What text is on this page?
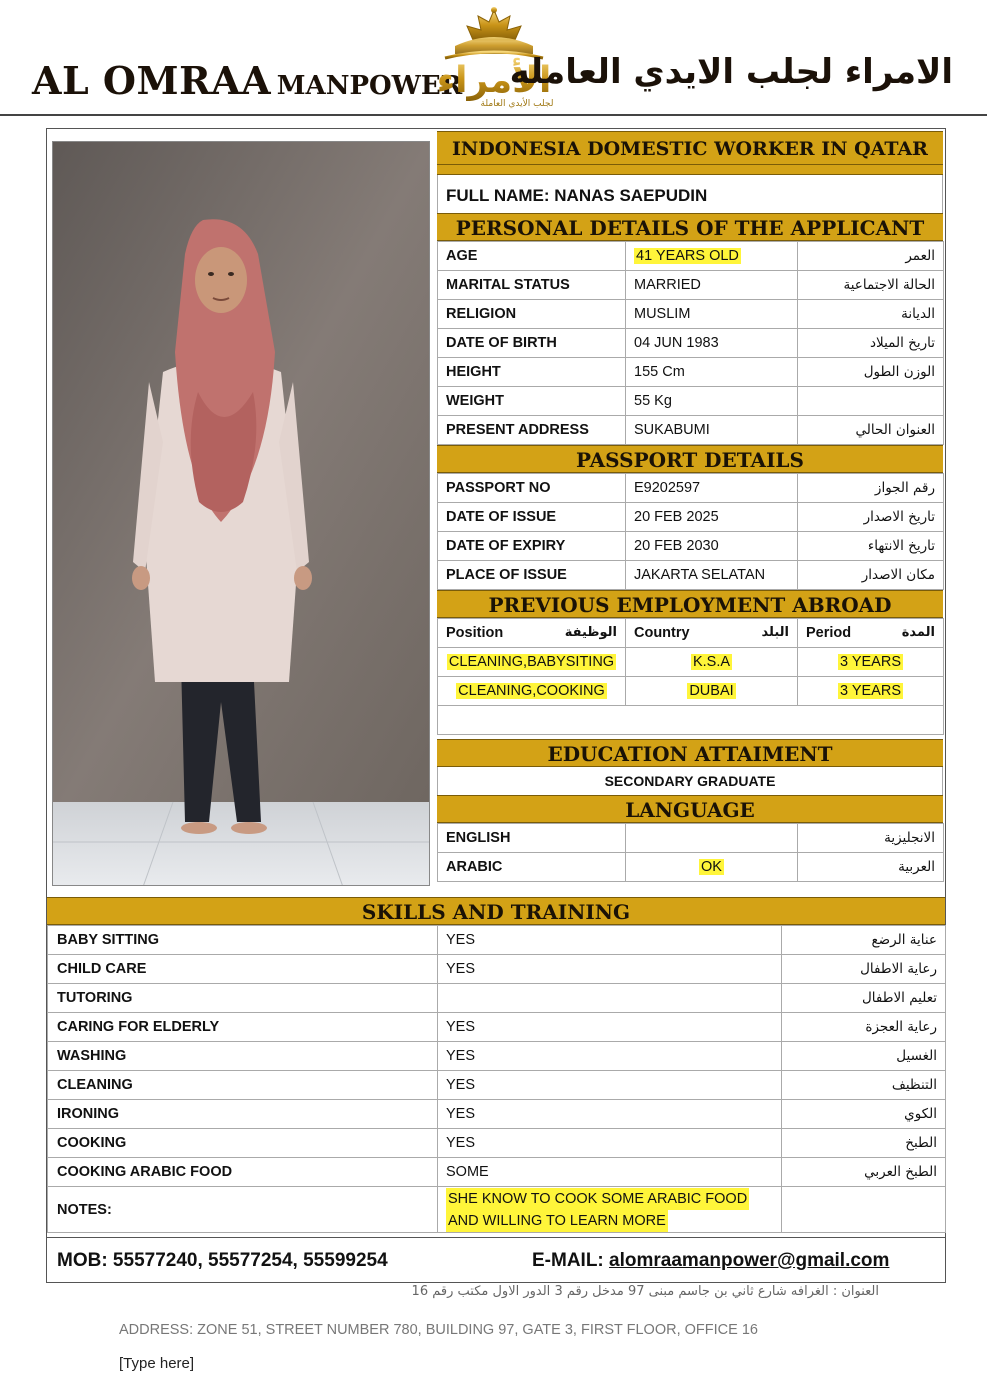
AL OMRAA MANPOWER
الأمراء
لجلب الأيدي العاملة
الامراء لجلب الايدي العامله
INDONESIA DOMESTIC WORKER IN QATAR
FULL NAME: NANAS SAEPUDIN
PERSONAL DETAILS OF THE APPLICANT
AGE	41 YEARS OLD	العمر
MARITAL STATUS	MARRIED	الحالة الاجتماعية
RELIGION	MUSLIM	الديانة
DATE OF BIRTH	04 JUN 1983	تاريخ الميلاد
HEIGHT	155 Cm	الوزن الطول
WEIGHT	55 Kg	
PRESENT ADDRESS	SUKABUMI	العنوان الحالي
PASSPORT DETAILS
PASSPORT NO	E9202597	رقم الجواز
DATE OF ISSUE	20 FEB 2025	تاريخ الاصدار
DATE OF EXPIRY	20 FEB 2030	تاريخ الانتهاء
PLACE OF ISSUE	JAKARTA SELATAN	مكان الاصدار
PREVIOUS EMPLOYMENT ABROAD
Position الوظيفة	Country البلد	Period المدة

CLEANING,BABYSITING	K.S.A	3 YEARS
CLEANING,COOKING	DUBAI	3 YEARS

EDUCATION ATTAIMENT
SECONDARY GRADUATE
LANGUAGE
ENGLISH		الانجليزية
ARABIC	OK	العربية
SKILLS AND TRAINING
BABY SITTING	YES	عناية الرضع
CHILD CARE	YES	رعاية الاطفال
TUTORING		تعليم الاطفال
CARING FOR ELDERLY	YES	رعاية العجزة
WASHING	YES	الغسيل
CLEANING	YES	التنظيف
IRONING	YES	الكوي
COOKING	YES	الطبخ
COOKING ARABIC FOOD	SOME	الطبخ العربي
NOTES:	SHE KNOW TO COOK SOME ARABIC FOOD
AND WILLING TO LEARN MORE	
MOB: 55577240, 55577254, 55599254	E-MAIL: alomraamanpower@gmail.com
العنوان : الغرافه شارع ثاني بن جاسم مبنى 97 مدخل رقم 3 الدور الاول مكتب رقم 16
ADDRESS: ZONE 51, STREET NUMBER 780, BUILDING 97, GATE 3, FIRST FLOOR, OFFICE 16
[Type here]
